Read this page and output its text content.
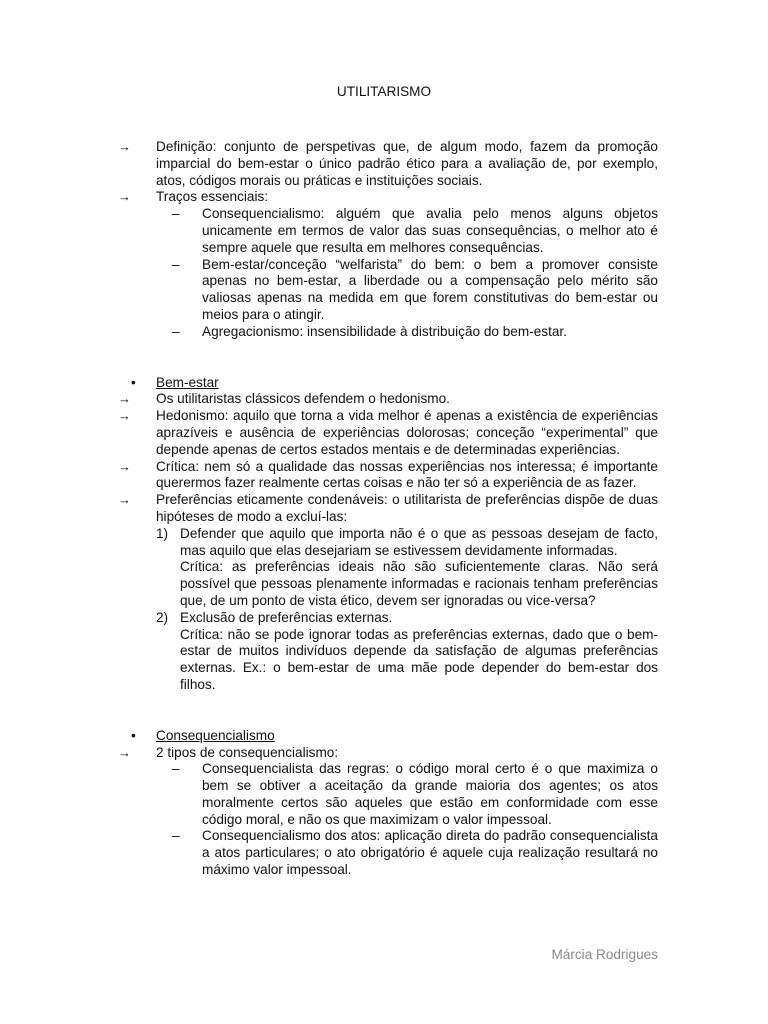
UTILITARISMO
→	Definição: conjunto de perspetivas que, de algum modo, fazem da promoção imparcial do bem-estar o único padrão ético para a avaliação de, por exemplo, atos, códigos morais ou práticas e instituições sociais.
→	Traços essenciais:
– Consequencialismo: alguém que avalia pelo menos alguns objetos unicamente em termos de valor das suas consequências, o melhor ato é sempre aquele que resulta em melhores consequências.
– Bem-estar/conceção “welfarista” do bem: o bem a promover consiste apenas no bem-estar, a liberdade ou a compensação pelo mérito são valiosas apenas na medida em que forem constitutivas do bem-estar ou meios para o atingir.
– Agregacionismo: insensibilidade à distribuição do bem-estar.
• Bem-estar
→	Os utilitaristas clássicos defendem o hedonismo.
→	Hedonismo: aquilo que torna a vida melhor é apenas a existência de experiências aprazíveis e ausência de experiências dolorosas; conceção “experimental” que depende apenas de certos estados mentais e de determinadas experiências.
→	Crítica: nem só a qualidade das nossas experiências nos interessa; é importante querermos fazer realmente certas coisas e não ter só a experiência de as fazer.
→	Preferências eticamente condenáveis: o utilitarista de preferências dispõe de duas hipóteses de modo a excluí-las:
1) Defender que aquilo que importa não é o que as pessoas desejam de facto, mas aquilo que elas desejariam se estivessem devidamente informadas.
Crítica: as preferências ideais não são suficientemente claras. Não será possível que pessoas plenamente informadas e racionais tenham preferências que, de um ponto de vista ético, devem ser ignoradas ou vice-versa?
2) Exclusão de preferências externas.
Crítica: não se pode ignorar todas as preferências externas, dado que o bem-estar de muitos indivíduos depende da satisfação de algumas preferências externas. Ex.: o bem-estar de uma mãe pode depender do bem-estar dos filhos.
• Consequencialismo
→	2 tipos de consequencialismo:
– Consequencialista das regras: o código moral certo é o que maximiza o bem se obtiver a aceitação da grande maioria dos agentes; os atos moralmente certos são aqueles que estão em conformidade com esse código moral, e não os que maximizam o valor impessoal.
– Consequencialismo dos atos: aplicação direta do padrão consequencialista a atos particulares; o ato obrigatório é aquele cuja realização resultará no máximo valor impessoal.
Márcia Rodrigues
